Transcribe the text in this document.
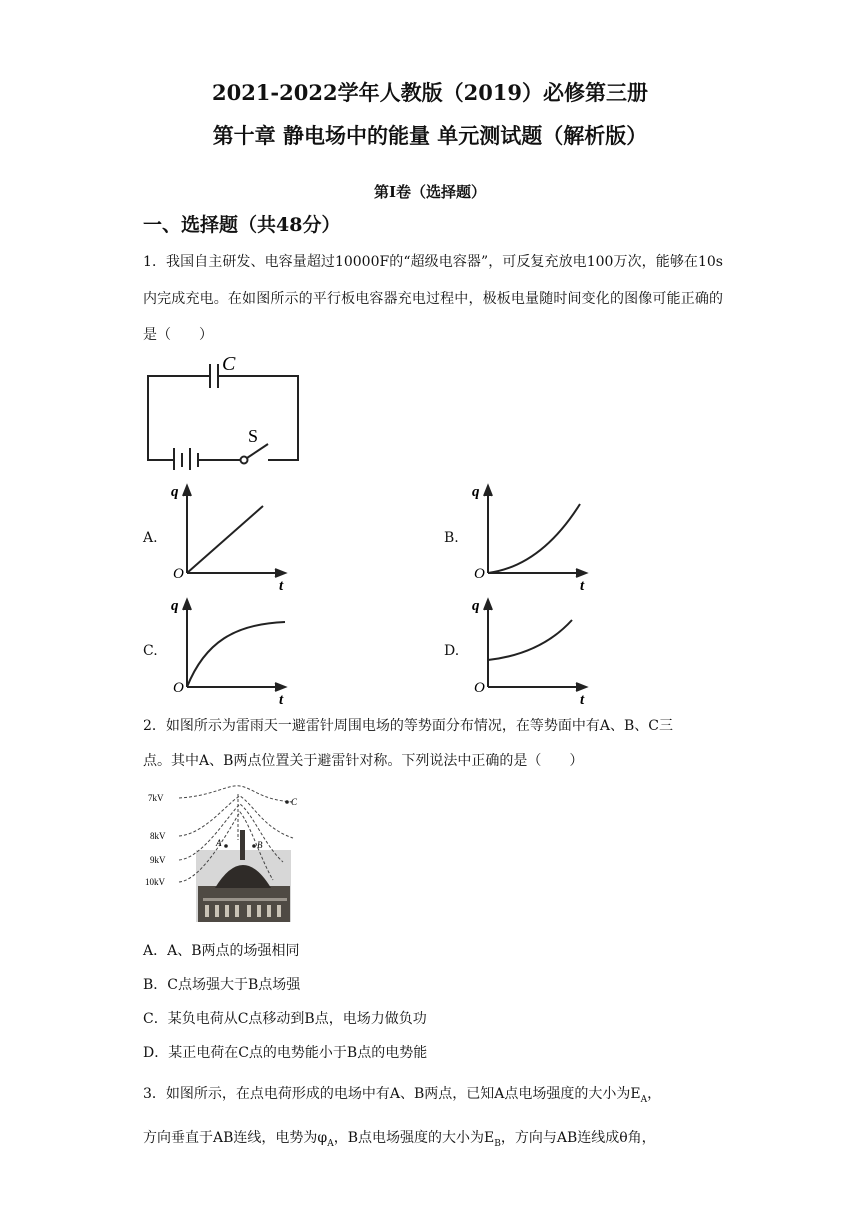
2021-2022学年人教版（2019）必修第三册
第十章 静电场中的能量 单元测试题（解析版）
第Ⅰ卷（选择题）
一、选择题（共48分）
1．我国自主研发、电容量超过10000F的“超级电容器”，可反复充放电100万次，能够在10s内完成充电。在如图所示的平行板电容器充电过程中，极板电量随时间变化的图像可能正确的是（　　）
C
S
A.
q
O
t
B.
q
O
t
C.
q
O
t
D.
q
O
t
2．如图所示为雷雨天一避雷针周围电场的等势面分布情况，在等势面中有A、B、C三
点。其中A、B两点位置关于避雷针对称。下列说法中正确的是（　　）
7kV
8kV
9kV
10kV
A	B
C
A．A、B两点的场强相同
B．C点场强大于B点场强
C．某负电荷从C点移动到B点，电场力做负功
D．某正电荷在C点的电势能小于B点的电势能
3．如图所示，在点电荷形成的电场中有A、B两点，已知A点电场强度的大小为$E_A$，
方向垂直于AB连线，电势为$\varphi_A$，B点电场强度的大小为$E_B$，方向与AB连线成θ角，
